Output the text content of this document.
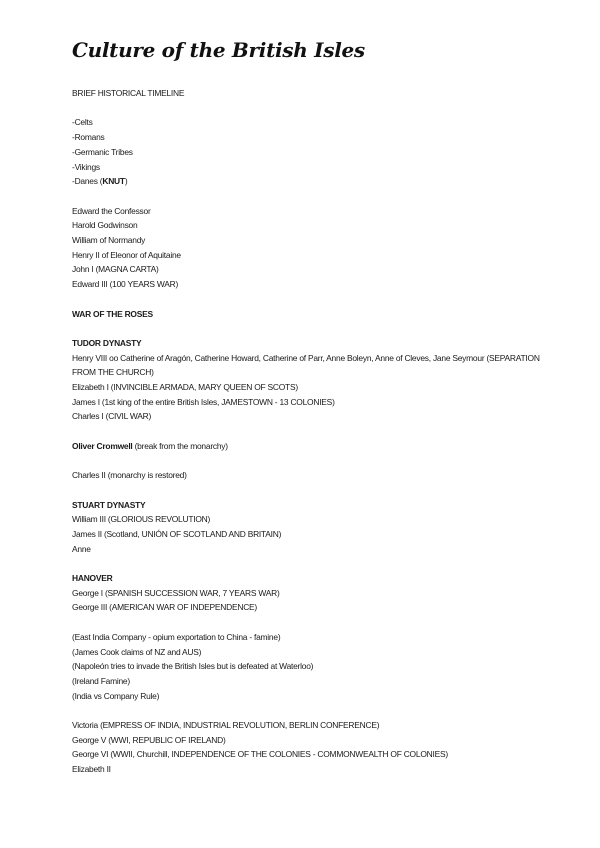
Culture of the British Isles
BRIEF HISTORICAL TIMELINE
-Celts
-Romans
-Germanic Tribes
-Vikings
-Danes (KNUT)
Edward the Confessor
Harold Godwinson
William of Normandy
Henry II of Eleonor of Aquitaine
John I (MAGNA CARTA)
Edward III (100 YEARS WAR)
WAR OF THE ROSES
TUDOR DYNASTY
Henry VIII oo Catherine of Aragón, Catherine Howard, Catherine of Parr, Anne Boleyn, Anne of Cleves, Jane Seymour (SEPARATION
FROM THE CHURCH)
Elizabeth I (INVINCIBLE ARMADA, MARY QUEEN OF SCOTS)
James I (1st king of the entire British Isles, JAMESTOWN - 13 COLONIES)
Charles I (CIVIL WAR)
Oliver Cromwell (break from the monarchy)
Charles II (monarchy is restored)
STUART DYNASTY
William III (GLORIOUS REVOLUTION)
James II (Scotland, UNIÓN OF SCOTLAND AND BRITAIN)
Anne
HANOVER
George I (SPANISH SUCCESSION WAR, 7 YEARS WAR)
George III (AMERICAN WAR OF INDEPENDENCE)
(East India Company - opium exportation to China - famine)
(James Cook claims of NZ and AUS)
(Napoleón tries to invade the British Isles but is defeated at Waterloo)
(Ireland Famine)
(India vs Company Rule)
Victoria (EMPRESS OF INDIA, INDUSTRIAL REVOLUTION, BERLIN CONFERENCE)
George V (WWI, REPUBLIC OF IRELAND)
George VI (WWII, Churchill, INDEPENDENCE OF THE COLONIES - COMMONWEALTH OF COLONIES)
Elizabeth II
